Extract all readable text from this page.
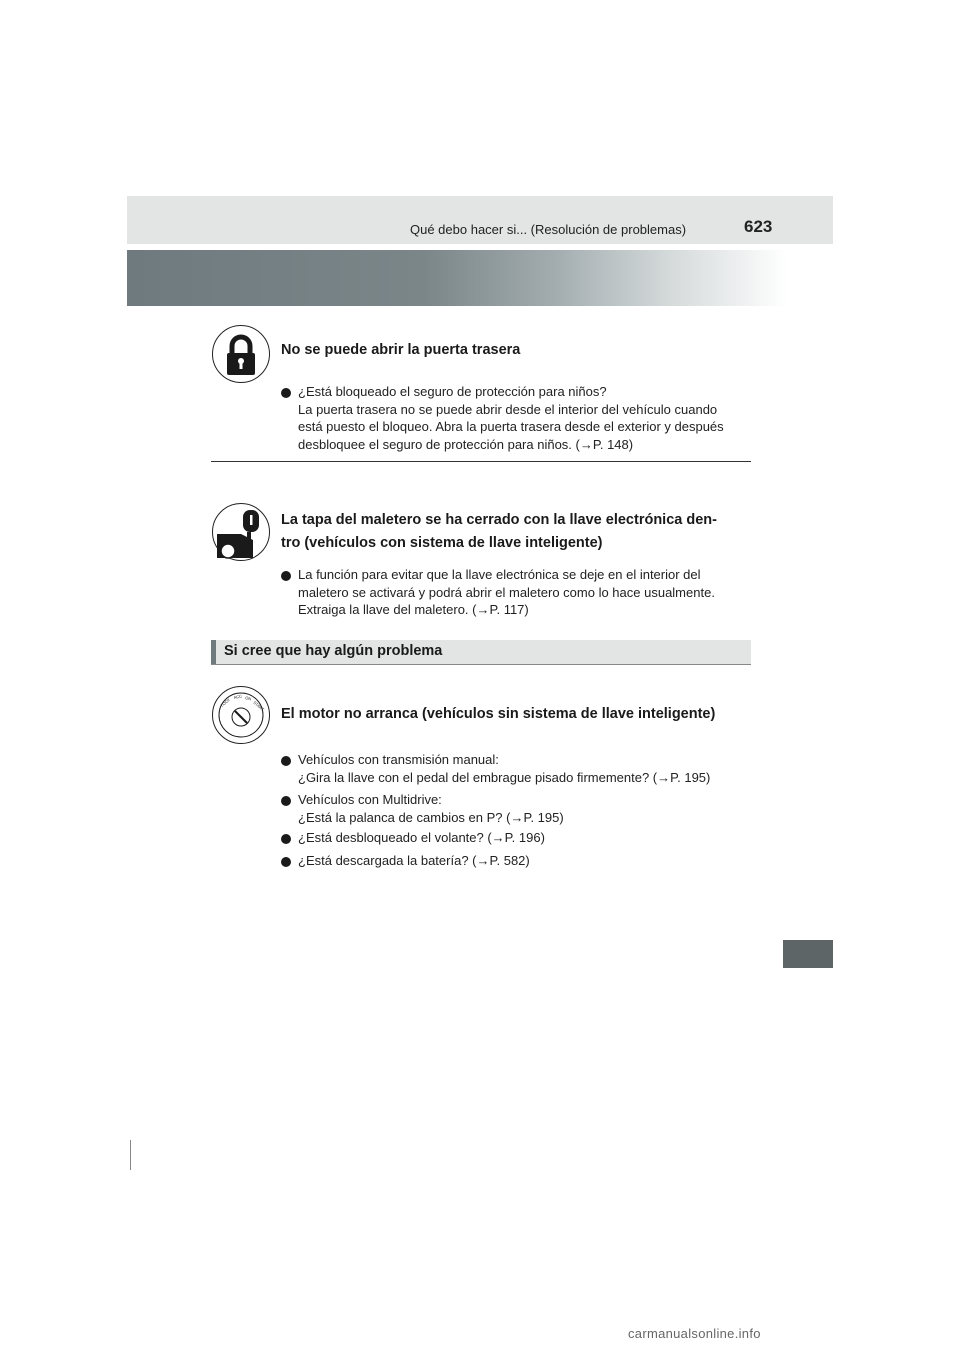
Qué debo hacer si... (Resolución de problemas)	623
No se puede abrir la puerta trasera
¿Está bloqueado el seguro de protección para niños?
La puerta trasera no se puede abrir desde el interior del vehículo cuando
está puesto el bloqueo. Abra la puerta trasera desde el exterior y después
desbloquee el seguro de protección para niños. (→P. 148)
La tapa del maletero se ha cerrado con la llave electrónica den-
tro (vehículos con sistema de llave inteligente)
La función para evitar que la llave electrónica se deje en el interior del
maletero se activará y podrá abrir el maletero como lo hace usualmente.
Extraiga la llave del maletero. (→P. 117)
Si cree que hay algún problema
LOCK
ACC ON
START
El motor no arranca (vehículos sin sistema de llave inteligente)
Vehículos con transmisión manual:
¿Gira la llave con el pedal del embrague pisado firmemente? (→P. 195)
Vehículos con Multidrive:
¿Está la palanca de cambios en P? (→P. 195)
¿Está desbloqueado el volante? (→P. 196)
¿Está descargada la batería? (→P. 582)
carmanualsonline.info
